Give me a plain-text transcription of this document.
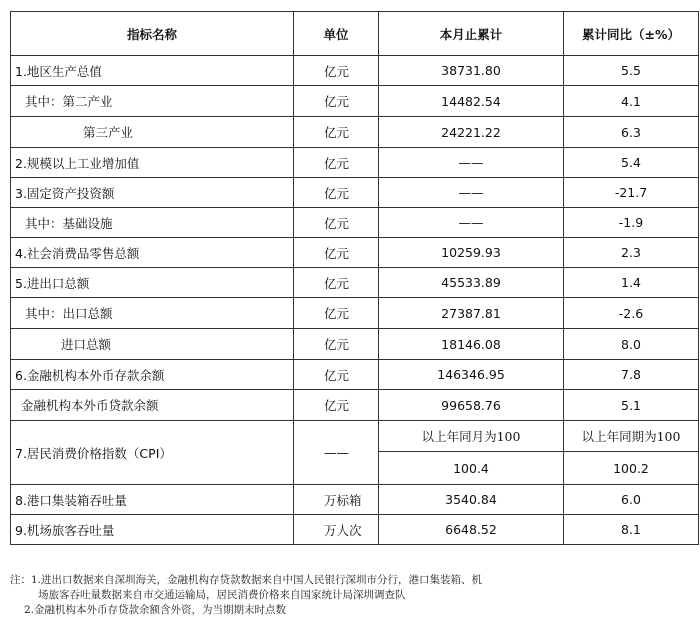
指标名称	单位	本月止累计	累计同比（±%）
1.地区生产总值	亿元	38731.80	5.5
其中：第二产业	亿元	14482.54	4.1
第三产业	亿元	24221.22	6.3
2.规模以上工业增加值	亿元	——	5.4
3.固定资产投资额	亿元	——	-21.7
其中：基础设施	亿元	——	-1.9
4.社会消费品零售总额	亿元	10259.93	2.3
5.进出口总额	亿元	45533.89	1.4
其中：出口总额	亿元	27387.81	-2.6
进口总额	亿元	18146.08	8.0
6.金融机构本外币存款余额	亿元	146346.95	7.8
金融机构本外币贷款余额	亿元	99658.76	5.1
7.居民消费价格指数（CPI）	——	以上年同月为100	以上年同期为100
		100.4	100.2
8.港口集装箱吞吐量	万标箱	3540.84	6.0
9.机场旅客吞吐量	万人次	6648.52	8.1
注：1.进出口数据来自深圳海关，金融机构存贷款数据来自中国人民银行深圳市分行，港口集装箱、机
场旅客吞吐量数据来自市交通运输局，居民消费价格来自国家统计局深圳调查队
2.金融机构本外币存贷款余额含外资，为当期期末时点数
